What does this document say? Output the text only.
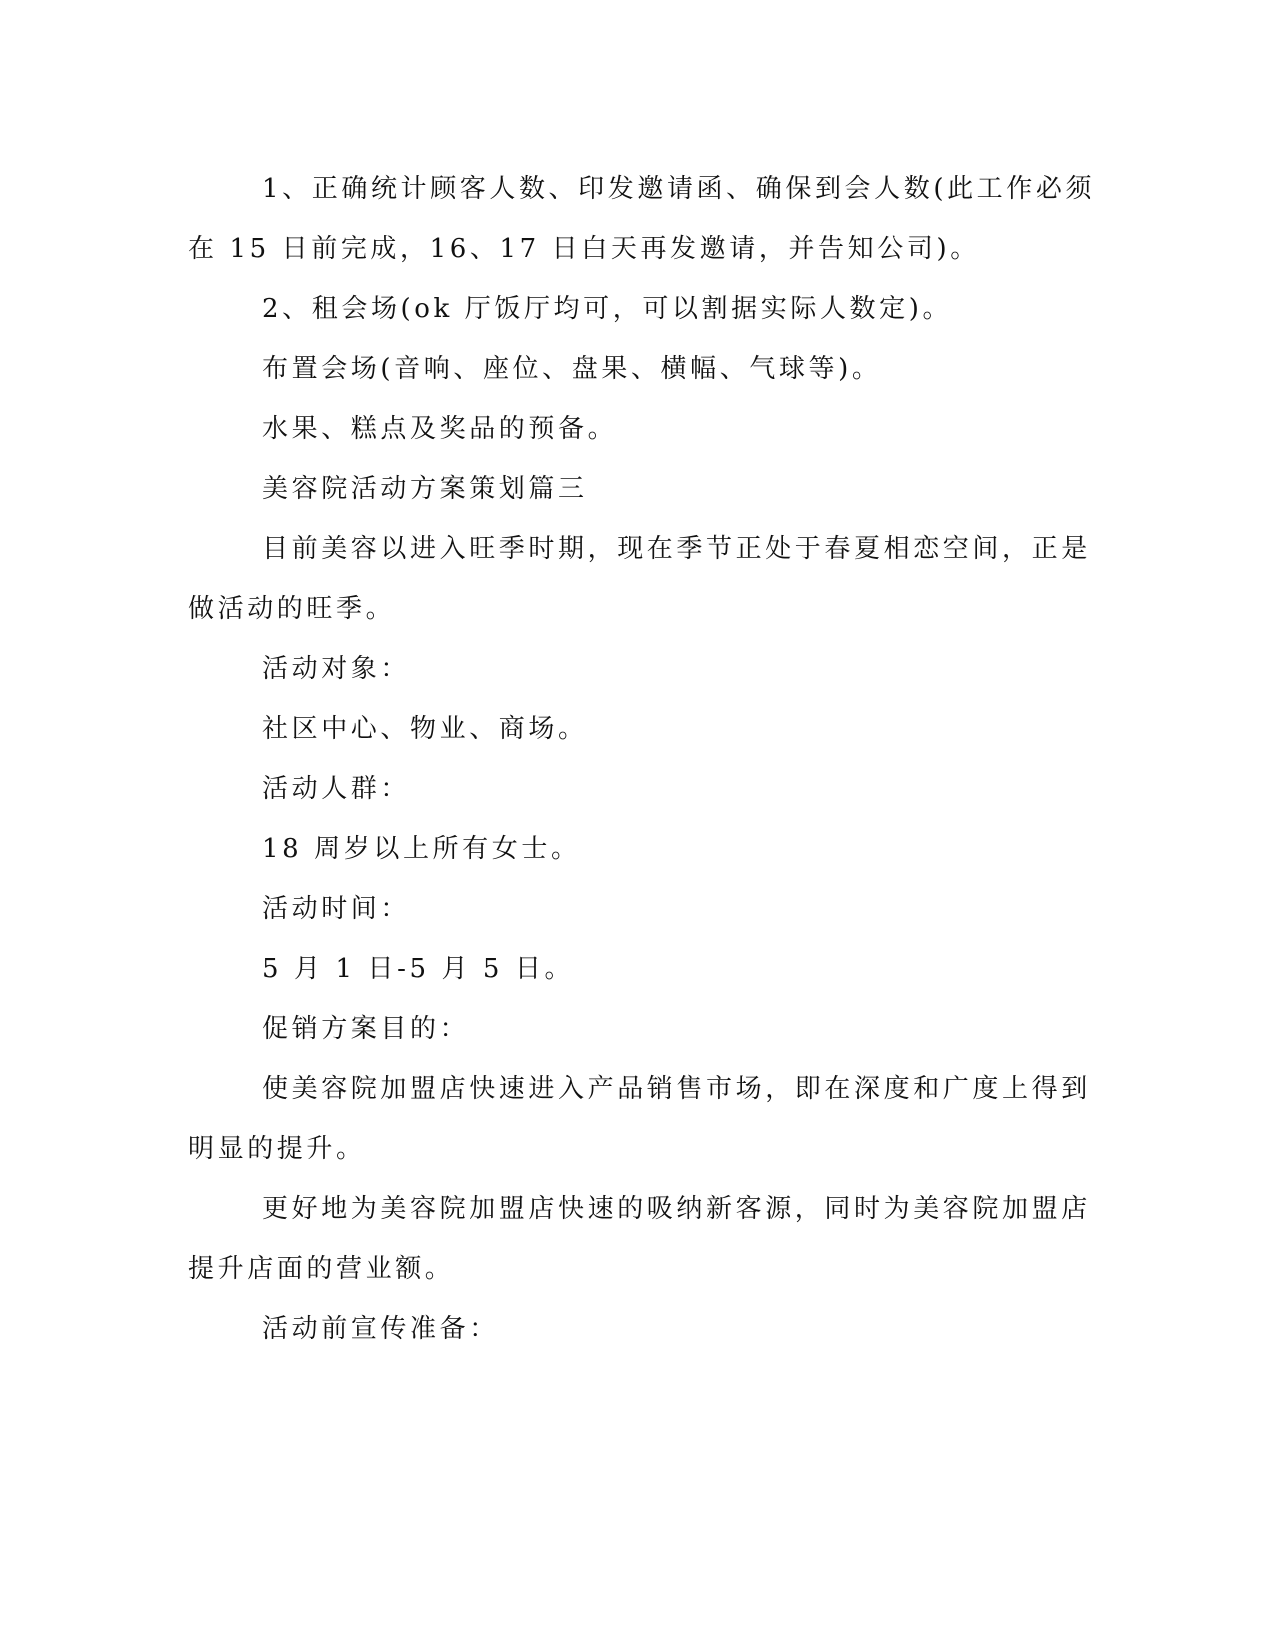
1、正确统计顾客人数、印发邀请函、确保到会人数(此工作必须
在 15 日前完成，16、17 日白天再发邀请，并告知公司)。
2、租会场(ok 厅饭厅均可，可以割据实际人数定)。
布置会场(音响、座位、盘果、横幅、气球等)。
水果、糕点及奖品的预备。
美容院活动方案策划篇三
目前美容以进入旺季时期，现在季节正处于春夏相恋空间，正是
做活动的旺季。
活动对象：
社区中心、物业、商场。
活动人群：
18 周岁以上所有女士。
活动时间：
5 月 1 日-5 月 5 日。
促销方案目的：
使美容院加盟店快速进入产品销售市场，即在深度和广度上得到
明显的提升。
更好地为美容院加盟店快速的吸纳新客源，同时为美容院加盟店
提升店面的营业额。
活动前宣传准备：
